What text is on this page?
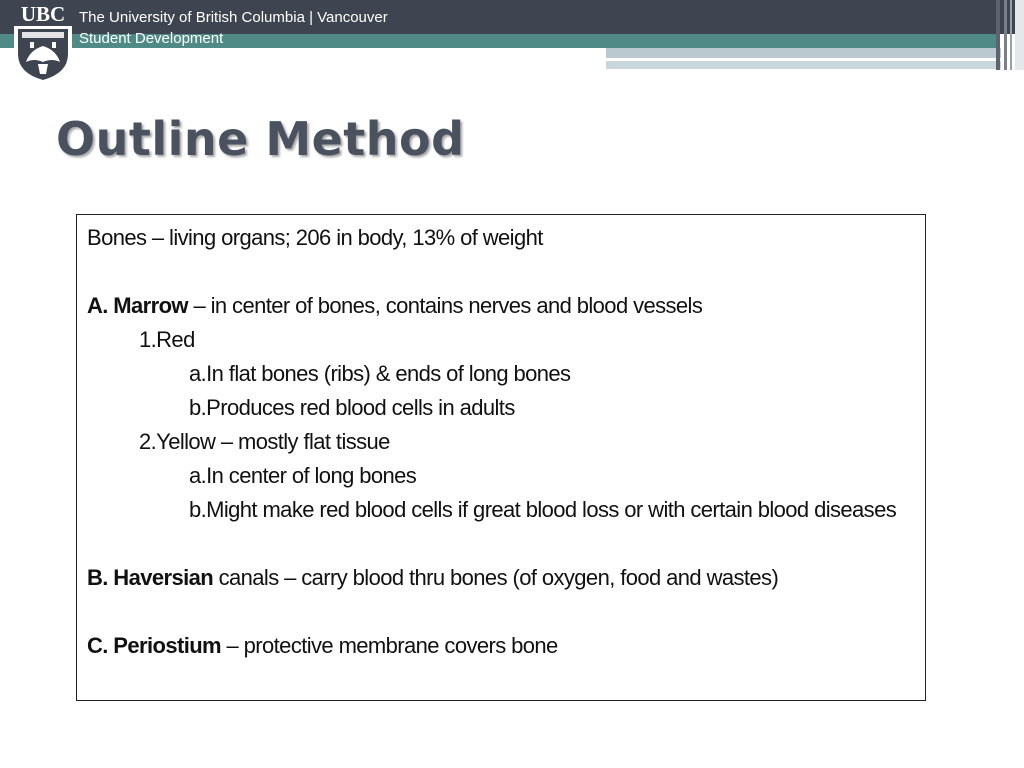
UBC The University of British Columbia | Vancouver
Student Development
Outline Method
Bones – living organs; 206 in body, 13% of weight
A. Marrow – in center of bones, contains nerves and blood vessels
1.Red
a.In flat bones (ribs) & ends of long bones
b.Produces red blood cells in adults
2.Yellow – mostly flat tissue
a.In center of long bones
b.Might make red blood cells if great blood loss or with certain blood diseases
B. Haversian canals – carry blood thru bones (of oxygen, food and wastes)
C. Periostium – protective membrane covers bone
